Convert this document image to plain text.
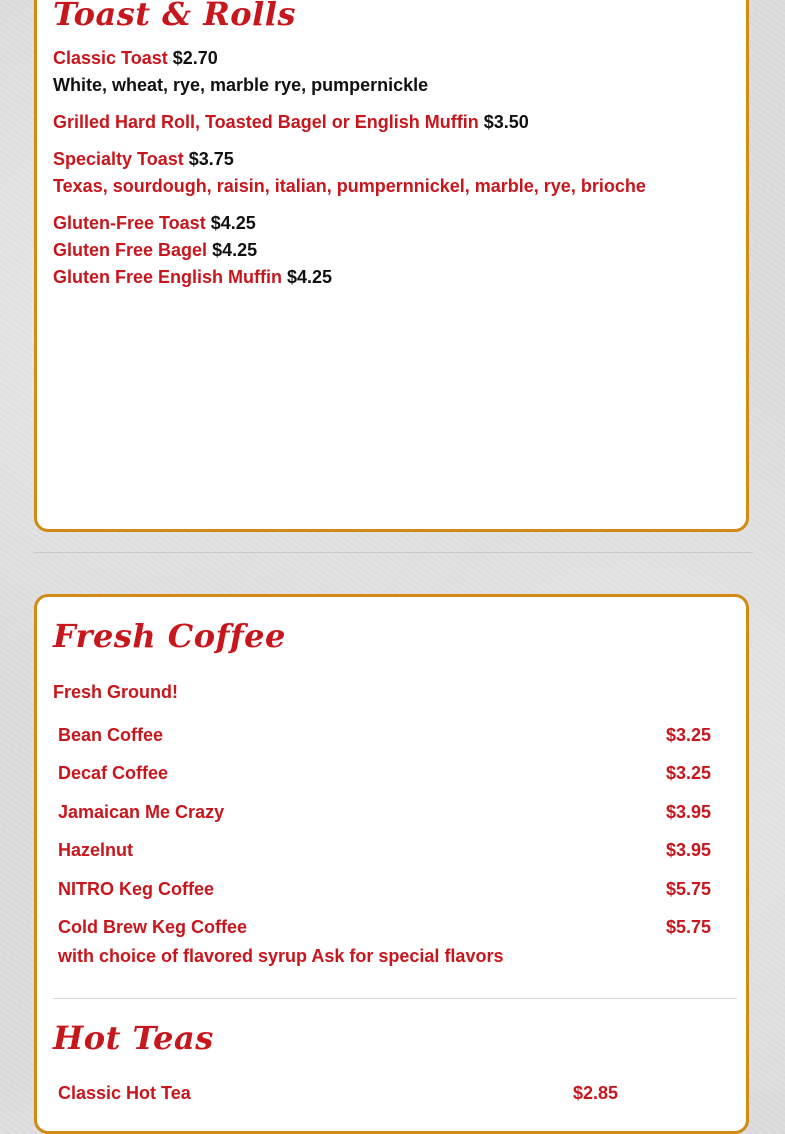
Toast & Rolls
Classic Toast $2.70
White, wheat, rye, marble rye, pumpernickle
Grilled Hard Roll, Toasted Bagel or English Muffin $3.50
Specialty Toast $3.75
Texas, sourdough, raisin, italian, pumpernnickel, marble, rye, brioche
Gluten-Free Toast $4.25
Gluten Free Bagel $4.25
Gluten Free English Muffin $4.25
Fresh Coffee
Fresh Ground!
Bean Coffee	$3.25
Decaf Coffee	$3.25
Jamaican Me Crazy	$3.95
Hazelnut	$3.95
NITRO Keg Coffee	$5.75
Cold Brew Keg Coffee	$5.75
with choice of flavored syrup Ask for special flavors
Hot Teas
Classic Hot Tea	$2.85
